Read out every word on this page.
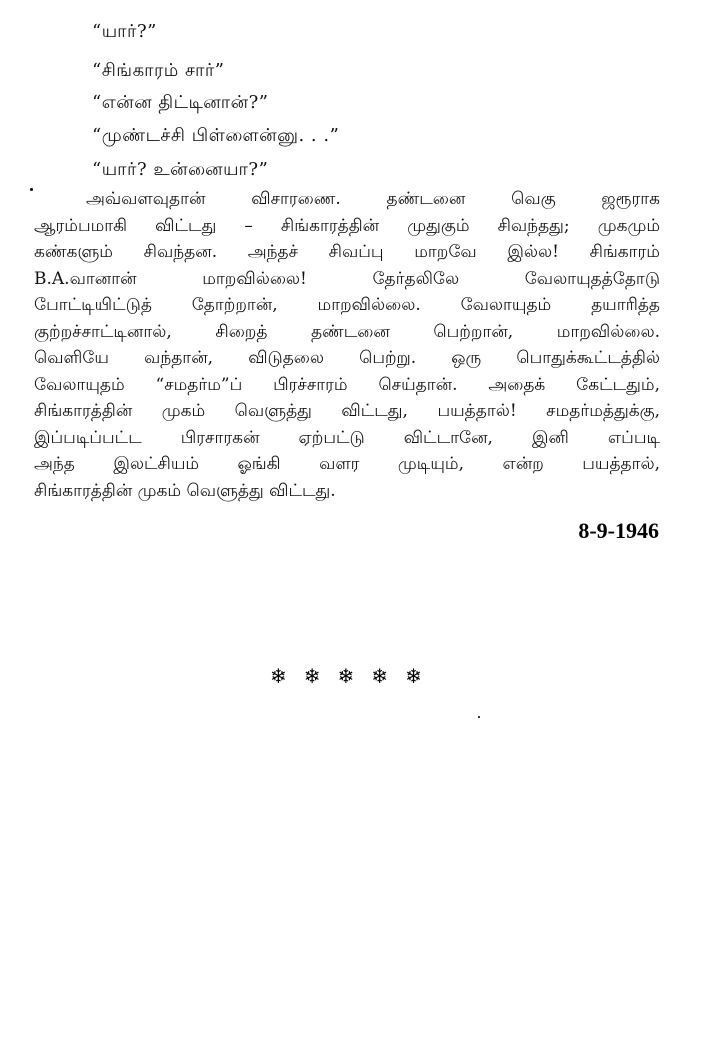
“யார்?”
“சிங்காரம் சார்”
“என்ன திட்டினான்?”
“முண்டச்சி பிள்ளைன்னு. . .”
“யார்? உன்னையா?”
அவ்வளவுதான் விசாரணை. தண்டனை வெகு ஜரூராக
ஆரம்பமாகி விட்டது – சிங்காரத்தின் முதுகும் சிவந்தது; முகமும்
கண்களும் சிவந்தன. அந்தச் சிவப்பு மாறவே இல்ல! சிங்காரம்
B.A.வானான் மாறவில்லை! தேர்தலிலே வேலாயுதத்தோடு
போட்டியிட்டுத் தோற்றான், மாறவில்லை. வேலாயுதம் தயாரித்த
குற்றச்சாட்டினால், சிறைத் தண்டனை பெற்றான், மாறவில்லை.
வெளியே வந்தான், விடுதலை பெற்று. ஒரு பொதுக்கூட்டத்தில்
வேலாயுதம் “சமதர்ம”ப் பிரச்சாரம் செய்தான். அதைக் கேட்டதும்,
சிங்காரத்தின் முகம் வெளுத்து விட்டது, பயத்தால்! சமதர்மத்துக்கு,
இப்படிப்பட்ட பிரசாரகன் ஏற்பட்டு விட்டானே, இனி எப்படி
அந்த இலட்சியம் ஓங்கி வளர முடியும், என்ற பயத்தால்,
சிங்காரத்தின் முகம் வெளுத்து விட்டது.
8-9-1946
❄ ❄ ❄ ❄ ❄
